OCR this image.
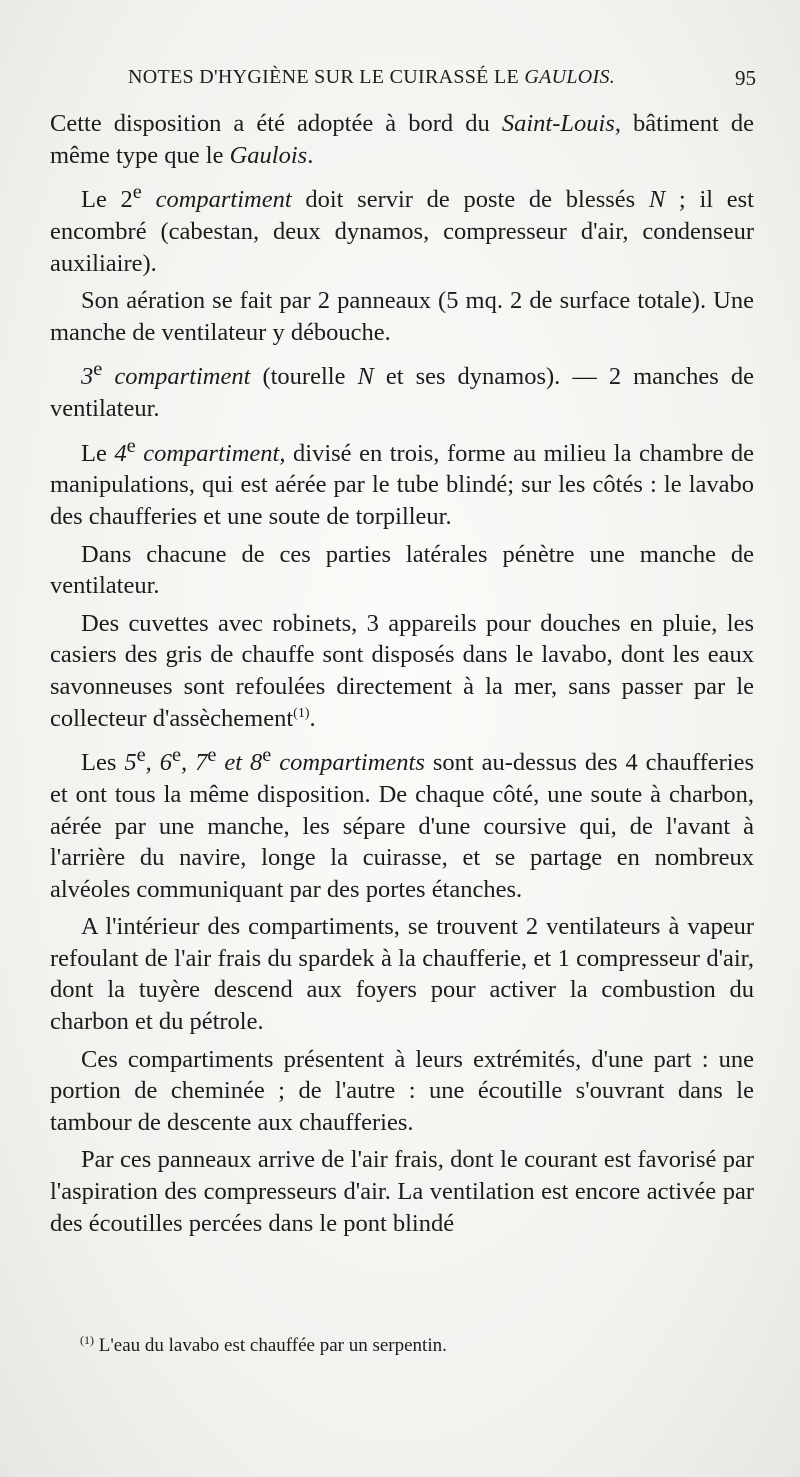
NOTES D'HYGIÈNE SUR LE CUIRASSÉ LE GAULOIS.	95

Cette disposition a été adoptée à bord du Saint-Louis, bâtiment de même type que le Gaulois.

Le 2e compartiment doit servir de poste de blessés N ; il est encombré (cabestan, deux dynamos, compresseur d'air, condenseur auxiliaire).

Son aération se fait par 2 panneaux (5 mq. 2 de surface totale). Une manche de ventilateur y débouche.

3e compartiment (tourelle N et ses dynamos). — 2 manches de ventilateur.

Le 4e compartiment, divisé en trois, forme au milieu la chambre de manipulations, qui est aérée par le tube blindé; sur les côtés : le lavabo des chaufferies et une soute de torpilleur.

Dans chacune de ces parties latérales pénètre une manche de ventilateur.

Des cuvettes avec robinets, 3 appareils pour douches en pluie, les casiers des gris de chauffe sont disposés dans le lavabo, dont les eaux savonneuses sont refoulées directement à la mer, sans passer par le collecteur d'assèchement$^{(1)}$.

Les 5e, 6e, 7e et 8e compartiments sont au-dessus des 4 chaufferies et ont tous la même disposition. De chaque côté, une soute à charbon, aérée par une manche, les sépare d'une coursive qui, de l'avant à l'arrière du navire, longe la cuirasse, et se partage en nombreux alvéoles communiquant par des portes étanches.

A l'intérieur des compartiments, se trouvent 2 ventilateurs à vapeur refoulant de l'air frais du spardek à la chaufferie, et 1 compresseur d'air, dont la tuyère descend aux foyers pour activer la combustion du charbon et du pétrole.

Ces compartiments présentent à leurs extrémités, d'une part : une portion de cheminée ; de l'autre : une écoutille s'ouvrant dans le tambour de descente aux chaufferies.

Par ces panneaux arrive de l'air frais, dont le courant est favorisé par l'aspiration des compresseurs d'air. La ventilation est encore activée par des écoutilles percées dans le pont blindé

$^{(1)}$ L'eau du lavabo est chauffée par un serpentin.
